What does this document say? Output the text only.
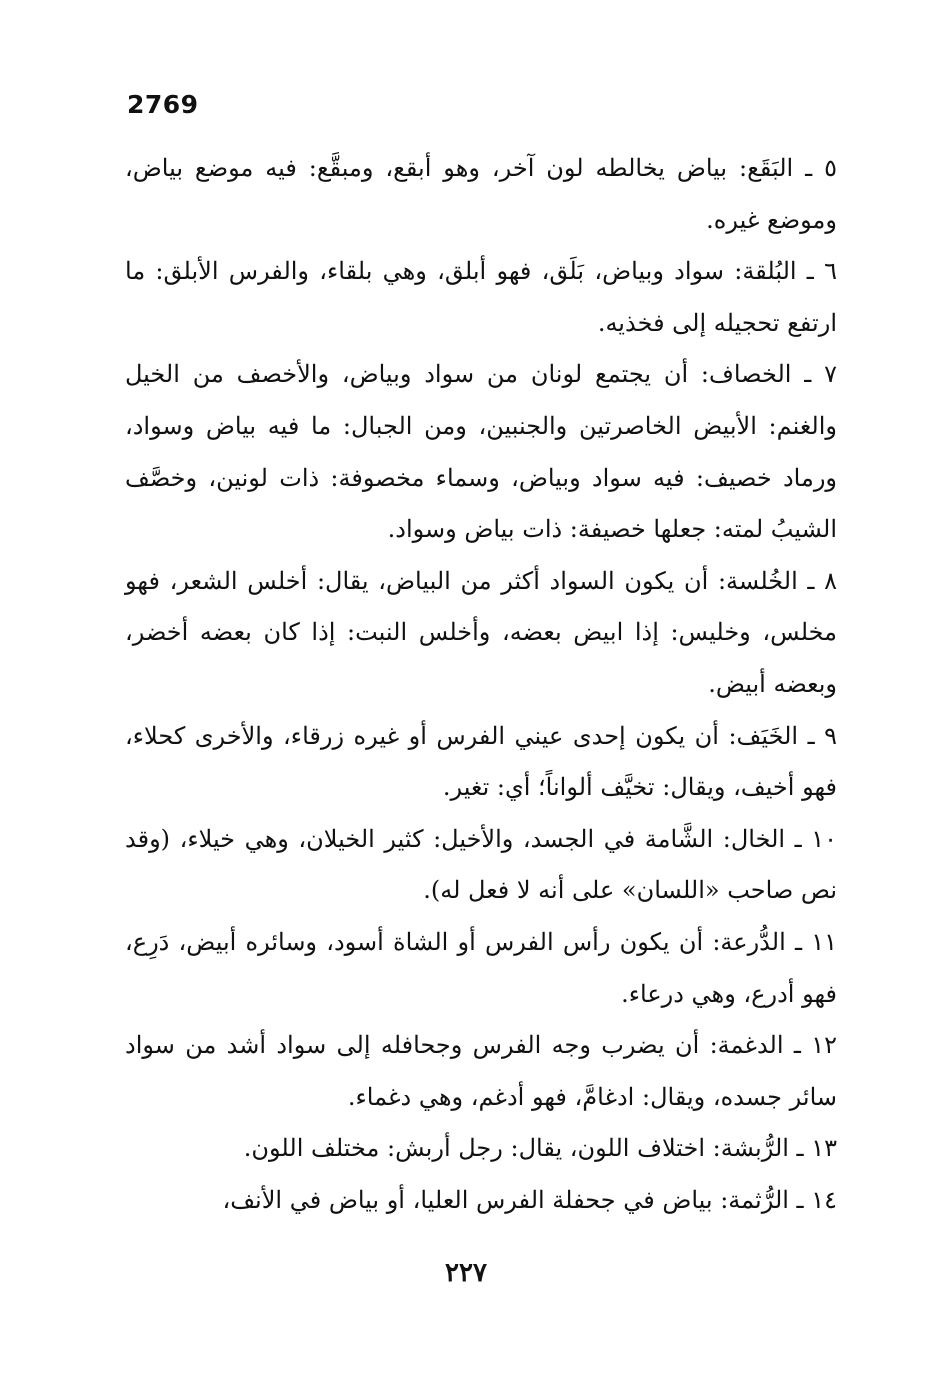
2769

٥ ـ البَقَع: بياض يخالطه لون آخر، وهو أبقع، ومبقَّع: فيه موضع بياض، وموضع غيره.

٦ ـ البُلقة: سواد وبياض، بَلَق، فهو أبلق، وهي بلقاء، والفرس الأبلق: ما ارتفع تحجيله إلى فخذيه.

٧ ـ الخصاف: أن يجتمع لونان من سواد وبياض، والأخصف من الخيل والغنم: الأبيض الخاصرتين والجنبين، ومن الجبال: ما فيه بياض وسواد، ورماد خصيف: فيه سواد وبياض، وسماء مخصوفة: ذات لونين، وخصَّف الشيبُ لمته: جعلها خصيفة: ذات بياض وسواد.

٨ ـ الخُلسة: أن يكون السواد أكثر من البياض، يقال: أخلس الشعر، فهو مخلس، وخليس: إذا ابيض بعضه، وأخلس النبت: إذا كان بعضه أخضر، وبعضه أبيض.

٩ ـ الخَيَف: أن يكون إحدى عيني الفرس أو غيره زرقاء، والأخرى كحلاء، فهو أخيف، ويقال: تخيَّف ألواناً؛ أي: تغير.

١٠ ـ الخال: الشَّامة في الجسد، والأخيل: كثير الخيلان، وهي خيلاء، (وقد نص صاحب «اللسان» على أنه لا فعل له).

١١ ـ الدُّرعة: أن يكون رأس الفرس أو الشاة أسود، وسائره أبيض، دَرِع، فهو أدرع، وهي درعاء.

١٢ ـ الدغمة: أن يضرب وجه الفرس وجحافله إلى سواد أشد من سواد سائر جسده، ويقال: ادغامَّ، فهو أدغم، وهي دغماء.

١٣ ـ الرُّبشة: اختلاف اللون، يقال: رجل أربش: مختلف اللون.

١٤ ـ الرُّثمة: بياض في جحفلة الفرس العليا، أو بياض في الأنف،

٢٢٧
